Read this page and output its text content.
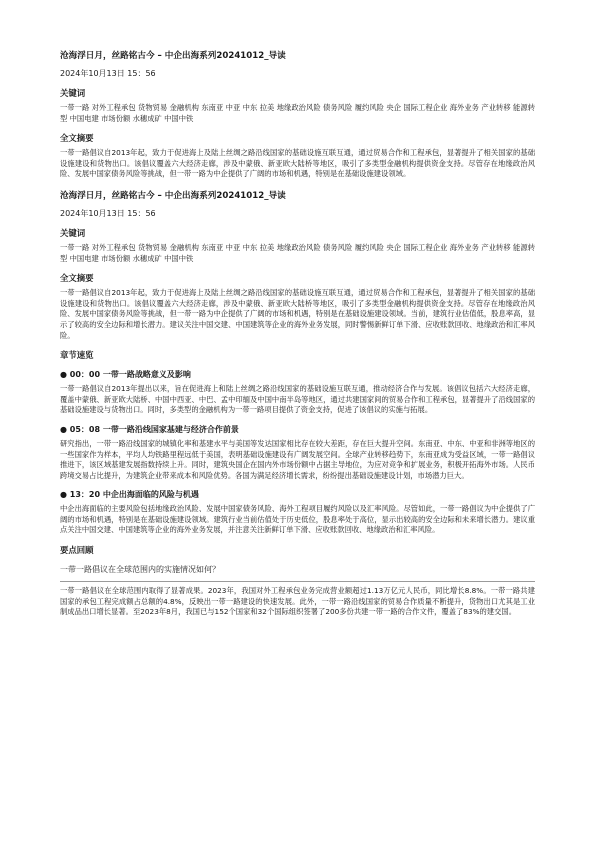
沧海浮日月，丝路铭古今 – 中企出海系列20241012_导读
2024年10月13日 15：56
关键词
一带一路 对外工程承包 货物贸易 金融机构 东南亚 中亚 中东 拉美 地缘政治风险 债务风险 履约风险 央企 国际工程企业 海外业务 产业转移 能源转型 中国电建 市场份额 水穗成矿 中国中铁
全文摘要
一带一路倡议自2013年起，致力于促进海上及陆上丝绸之路沿线国家的基础设施互联互通，通过贸易合作和工程承包，显著提升了相关国家的基础设施建设和货物出口。该倡议覆盖六大经济走廊，涉及中蒙俄、新亚欧大陆桥等地区，吸引了多类型金融机构提供资金支持。尽管存在地缘政治风险、发展中国家债务风险等挑战，但一带一路为中企提供了广阔的市场和机遇，特别是在基础设施建设领域。
沧海浮日月，丝路铭古今 – 中企出海系列20241012_导读
2024年10月13日 15：56
关键词
一带一路 对外工程承包 货物贸易 金融机构 东南亚 中亚 中东 拉美 地缘政治风险 债务风险 履约风险 央企 国际工程企业 海外业务 产业转移 能源转型 中国电建 市场份额 水穗成矿 中国中铁
全文摘要
一带一路倡议自2013年起，致力于促进海上及陆上丝绸之路沿线国家的基础设施互联互通，通过贸易合作和工程承包，显著提升了相关国家的基础设施建设和货物出口。该倡议覆盖六大经济走廊，涉及中蒙俄、新亚欧大陆桥等地区，吸引了多类型金融机构提供资金支持。尽管存在地缘政治风险、发展中国家债务风险等挑战，但一带一路为中企提供了广阔的市场和机遇，特别是在基础设施建设领域。当前，建筑行业估值低，股息率高，显示了较高的安全边际和增长潜力。建议关注中国交建、中国建筑等企业的海外业务发展，同时警惕新鲜订单下滑、应收账款回收、地缘政治和汇率风险。
章节速览
● 00：00 一带一路战略意义及影响
一带一路倡议自2013年提出以来，旨在促进海上和陆上丝绸之路沿线国家的基础设施互联互通，推动经济合作与发展。该倡议包括六大经济走廊，覆盖中蒙俄、新亚欧大陆桥、中国中西亚、中巴、孟中印缅及中国中南半岛等地区，通过共建国家间的贸易合作和工程承包，显著提升了沿线国家的基础设施建设与货物出口。同时，多类型的金融机构为一带一路项目提供了资金支持，促进了该倡议的实施与拓展。
● 05：08 一带一路沿线国家基建与经济合作前景
研究指出，一带一路沿线国家的城镇化率和基建水平与美国等发达国家相比存在较大差距，存在巨大提升空间。东南亚、中东、中亚和非洲等地区的一些国家作为样本，平均人均铁路里程远低于美国，表明基础设施建设有广阔发展空间。全球产业转移趋势下，东南亚成为受益区域，一带一路倡议推进下，该区域基建发展指数持续上升。同时，建筑央国企在国内外市场份额中占据主导地位，为应对竞争和扩展业务，积极开拓海外市场。人民币跨境交易占比提升，为建筑企业带来成本和风险优势。各国为满足经济增长需求，纷纷提出基础设施建设计划，市场潜力巨大。
● 13：20 中企出海面临的风险与机遇
中企出海面临的主要风险包括地缘政治风险、发展中国家债务风险、海外工程项目履约风险以及汇率风险。尽管如此，一带一路倡议为中企提供了广阔的市场和机遇，特别是在基础设施建设领域。建筑行业当前估值处于历史低位，股息率处于高位，显示出较高的安全边际和未来增长潜力。建议重点关注中国交建、中国建筑等企业的海外业务发展，并注意关注新鲜订单下滑、应收账款回收、地缘政治和汇率风险。
要点回顾
一带一路倡议在全球范围内的实施情况如何？
一带一路倡议在全球范围内取得了显著成果。2023年，我国对外工程承包业务完成营业额超过1.13万亿元人民币，同比增长8.8%。一带一路共建国家的承包工程完成额占总额的4.8%，反映出一带一路建设的快速发展。此外，一带一路沿线国家的贸易合作质量不断提升，货物出口尤其是工业制成品出口增长显著。至2023年8月，我国已与152个国家和32个国际组织签署了200多份共建一带一路的合作文件，覆盖了83%的建交国。
